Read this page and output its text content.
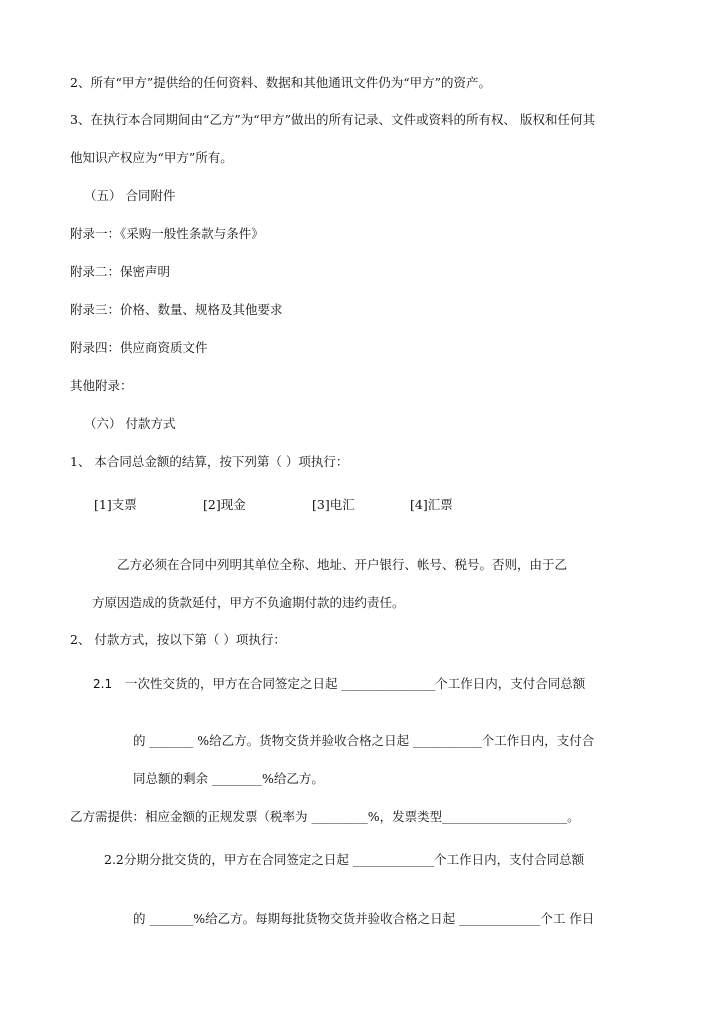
2、所有“甲方”提供给的任何资料、数据和其他通讯文件仍为“甲方”的资产。
3、在执行本合同期间由“乙方”为“甲方”做出的所有记录、文件或资料的所有权、 版权和任何其
他知识产权应为“甲方”所有。
（五） 合同附件
附录一：《采购一般性条款与条件》
附录二：保密声明
附录三：价格、数量、规格及其他要求
附录四：供应商资质文件
其他附录：
（六） 付款方式
1、 本合同总金额的结算，按下列第（ ）项执行：
[1]支票	[2]现金	[3]电汇	[4]汇票
乙方必须在合同中列明其单位全称、地址、开户银行、帐号、税号。否则，由于乙
方原因造成的货款延付，甲方不负逾期付款的违约责任。
2、 付款方式，按以下第（ ）项执行：
2.1 一次性交货的，甲方在合同签定之日起 _______________个工作日内，支付合同总额
的 _______ %给乙方。货物交货并验收合格之日起 ___________个工作日内，支付合
同总额的剩余 ________%给乙方。
乙方需提供：相应金额的正规发票（税率为 _________%，发票类型____________________。
2.2分期分批交货的，甲方在合同签定之日起 _____________个工作日内，支付合同总额
的 _______%给乙方。每期每批货物交货并验收合格之日起 _____________个工 作日
